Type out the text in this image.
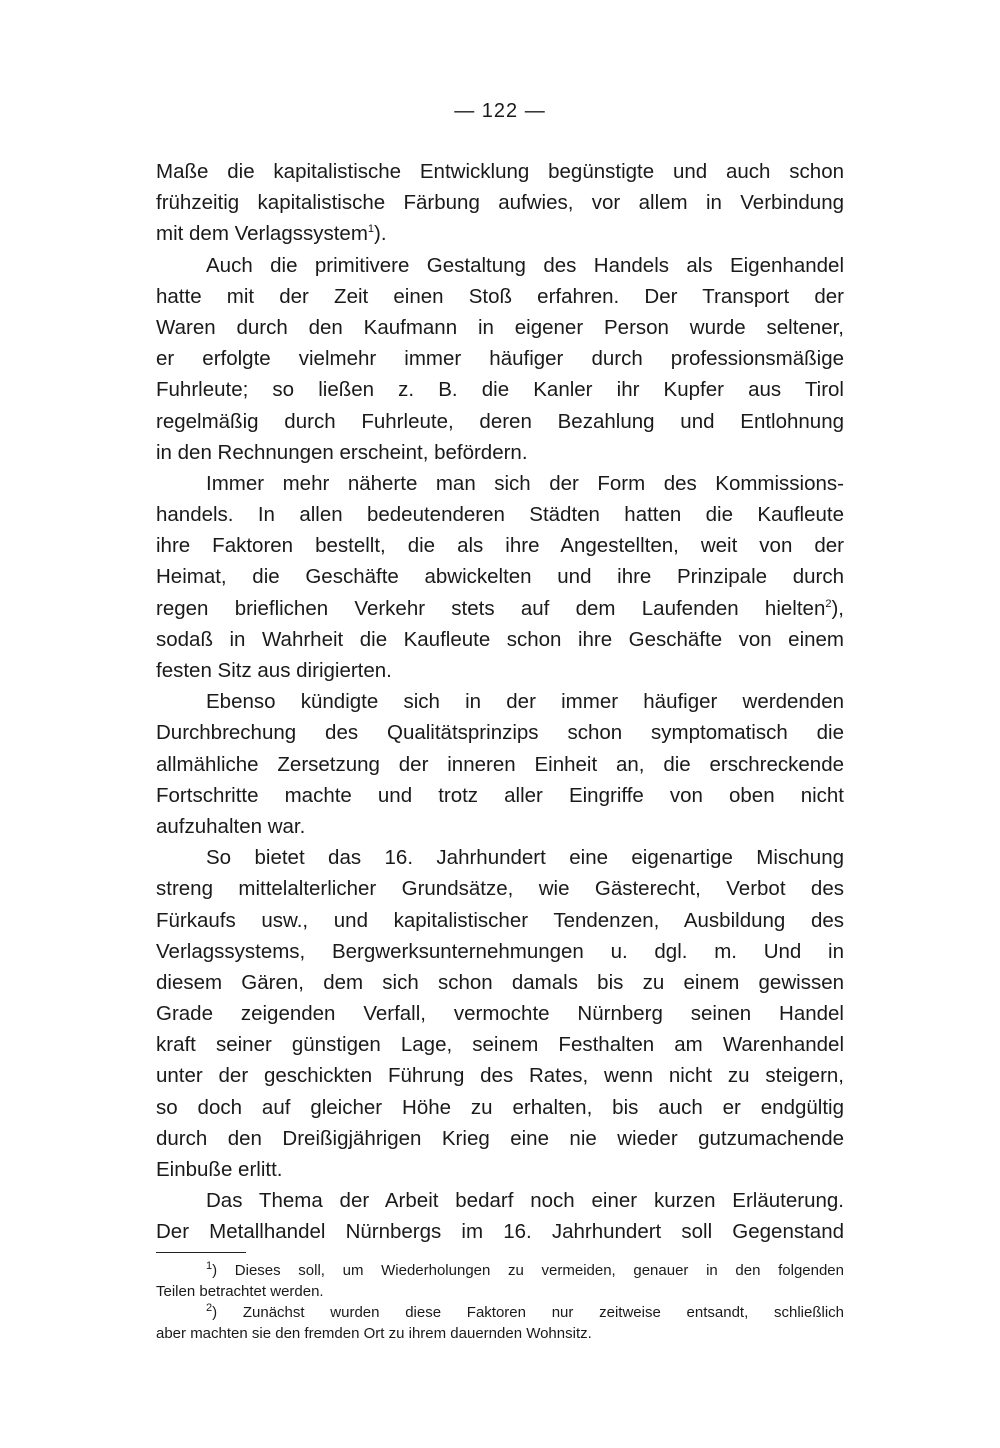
— 122 —
Maße die kapitalistische Entwicklung begünstigte und auch schon
frühzeitig kapitalistische Färbung aufwies, vor allem in Verbindung
mit dem Verlagssystem$^1$).
Auch die primitivere Gestaltung des Handels als Eigenhandel
hatte mit der Zeit einen Stoß erfahren. Der Transport der
Waren durch den Kaufmann in eigener Person wurde seltener,
er erfolgte vielmehr immer häufiger durch professionsmäßige
Fuhrleute; so ließen z. B. die Kanler ihr Kupfer aus Tirol
regelmäßig durch Fuhrleute, deren Bezahlung und Entlohnung
in den Rechnungen erscheint, befördern.
Immer mehr näherte man sich der Form des Kommissions-
handels. In allen bedeutenderen Städten hatten die Kaufleute
ihre Faktoren bestellt, die als ihre Angestellten, weit von der
Heimat, die Geschäfte abwickelten und ihre Prinzipale durch
regen brieflichen Verkehr stets auf dem Laufenden hielten$^2$),
sodaß in Wahrheit die Kaufleute schon ihre Geschäfte von einem
festen Sitz aus dirigierten.
Ebenso kündigte sich in der immer häufiger werdenden
Durchbrechung des Qualitätsprinzips schon symptomatisch die
allmähliche Zersetzung der inneren Einheit an, die erschreckende
Fortschritte machte und trotz aller Eingriffe von oben nicht
aufzuhalten war.
So bietet das 16. Jahrhundert eine eigenartige Mischung
streng mittelalterlicher Grundsätze, wie Gästerecht, Verbot des
Fürkaufs usw., und kapitalistischer Tendenzen, Ausbildung des
Verlagssystems, Bergwerksunternehmungen u. dgl. m. Und in
diesem Gären, dem sich schon damals bis zu einem gewissen
Grade zeigenden Verfall, vermochte Nürnberg seinen Handel
kraft seiner günstigen Lage, seinem Festhalten am Warenhandel
unter der geschickten Führung des Rates, wenn nicht zu steigern,
so doch auf gleicher Höhe zu erhalten, bis auch er endgültig
durch den Dreißigjährigen Krieg eine nie wieder gutzumachende
Einbuße erlitt.
Das Thema der Arbeit bedarf noch einer kurzen Erläuterung.
Der Metallhandel Nürnbergs im 16. Jahrhundert soll Gegenstand
$^1$) Dieses soll, um Wiederholungen zu vermeiden, genauer in den folgenden
Teilen betrachtet werden.
$^2$) Zunächst wurden diese Faktoren nur zeitweise entsandt, schließlich
aber machten sie den fremden Ort zu ihrem dauernden Wohnsitz.
